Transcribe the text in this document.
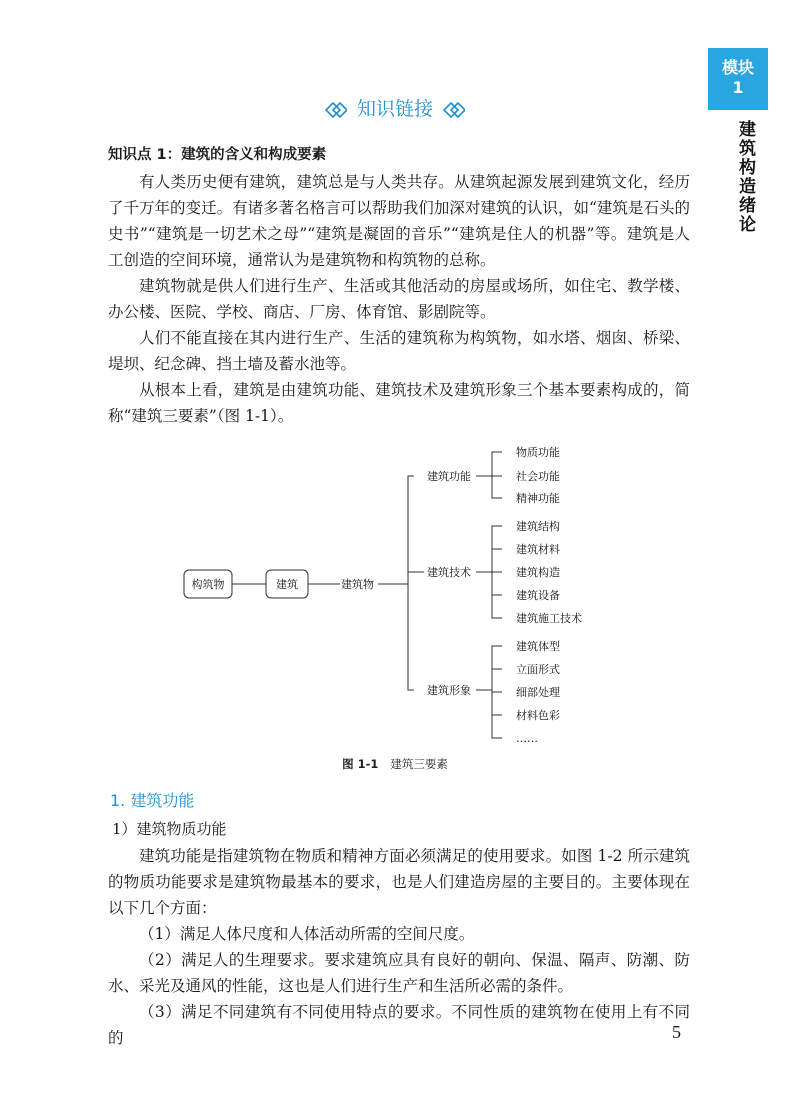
模块
1
建筑构造绪论
知识链接
知识点 1：建筑的含义和构成要素

有人类历史便有建筑，建筑总是与人类共存。从建筑起源发展到建筑文化，经历了千万年的变迁。有诸多著名格言可以帮助我们加深对建筑的认识，如“建筑是石头的史书”“建筑是一切艺术之母”“建筑是凝固的音乐”“建筑是住人的机器”等。建筑是人工创造的空间环境，通常认为是建筑物和构筑物的总称。

建筑物就是供人们进行生产、生活或其他活动的房屋或场所，如住宅、教学楼、办公楼、医院、学校、商店、厂房、体育馆、影剧院等。

人们不能直接在其内进行生产、生活的建筑称为构筑物，如水塔、烟囱、桥梁、堤坝、纪念碑、挡土墙及蓄水池等。

从根本上看，建筑是由建筑功能、建筑技术及建筑形象三个基本要素构成的，简称“建筑三要素”（图 1-1）。

构筑物	建筑	建筑物
建筑功能
建筑技术
建筑形象
物质功能
社会功能
精神功能
建筑结构
建筑材料
建筑构造
建筑设备
建筑施工技术
建筑体型
立面形式
细部处理
材料色彩
……
图 1-1 建筑三要素
1. 建筑功能
1）建筑物质功能

建筑功能是指建筑物在物质和精神方面必须满足的使用要求。如图 1-2 所示建筑的物质功能要求是建筑物最基本的要求，也是人们建造房屋的主要目的。主要体现在以下几个方面：

（1）满足人体尺度和人体活动所需的空间尺度。

（2）满足人的生理要求。要求建筑应具有良好的朝向、保温、隔声、防潮、防水、采光及通风的性能，这也是人们进行生产和生活所必需的条件。

（3）满足不同建筑有不同使用特点的要求。不同性质的建筑物在使用上有不同的	5
